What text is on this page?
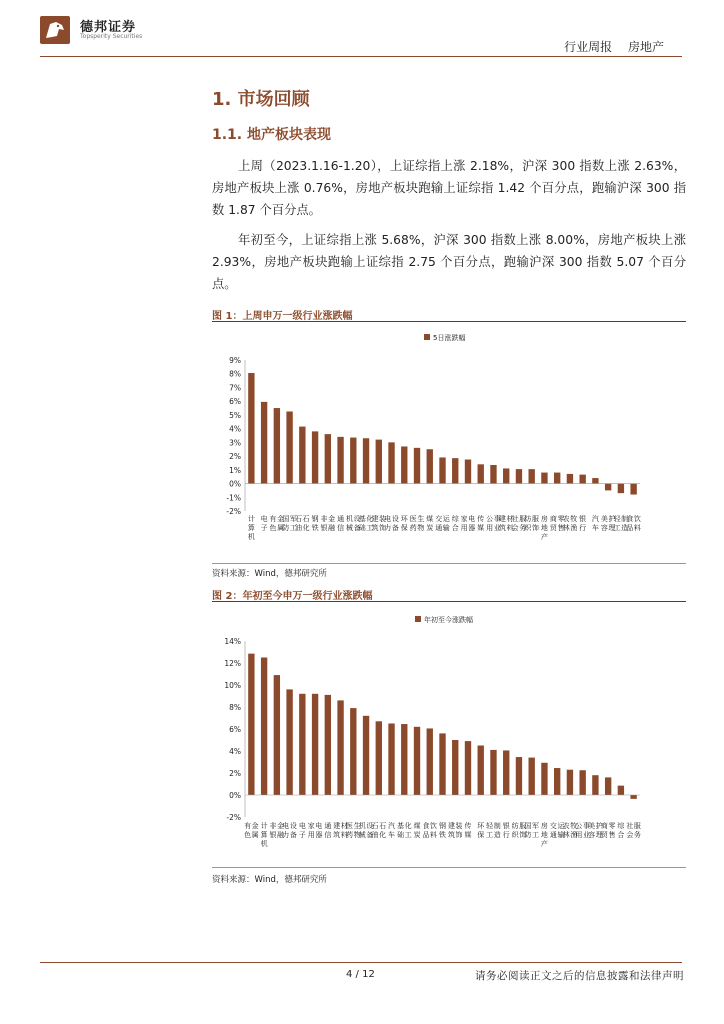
德邦证券
Topsperity Securities
行业周报 房地产
1. 市场回顾
1.1. 地产板块表现

上周（2023.1.16-1.20），上证综指上涨 2.18%，沪深 300 指数上涨 2.63%，房地产板块上涨 0.76%，房地产板块跑输上证综指 1.42 个百分点，跑输沪深 300 指数 1.87 个百分点。

年初至今，上证综指上涨 5.68%，沪深 300 指数上涨 8.00%，房地产板块上涨 2.93%，房地产板块跑输上证综指 2.75 个百分点，跑输沪深 300 指数 5.07 个百分点。

图 1：上周申万一级行业涨跌幅
5日涨跌幅
9%
8%
7%
6%
5%
4%
3%
2%
1%
0%
-1%
-2%
计算机
电子
有色
金属
国防
军工
石油
石化
钢铁
非银
金融
通信
机械
设备
基础
化工
建筑
装饰
电力
设备
环保
医药
生物
煤炭
交通
运输
综合
家用
电器
传媒
公用
事业
建筑
材料
社会
服务
纺织
服饰
房地产
商贸
零售
农林
牧渔
银行
汽车
美容
护理
轻工
制造
食品
饮料
资料来源：Wind，德邦研究所
图 2：年初至今申万一级行业涨跌幅
年初至今涨跌幅
14%
12%
10%
8%
6%
4%
2%
0%
-2%
有色
金属
计算机
非银
金融
电力
设备
电子
家用
电器
通信
建筑
材料
医药
生物
机械
设备
石油
石化
汽车
基础
化工
煤炭
食品
饮料
钢铁
建筑
装饰
传媒
环保
轻工
制造
银行
纺织
服饰
国防
军工
房地产
交通
运输
农林
牧渔
公用
事业
美容
护理
商贸
零售
综合
社会
服务
资料来源：Wind，德邦研究所
4 / 12	请务必阅读正文之后的信息披露和法律声明
